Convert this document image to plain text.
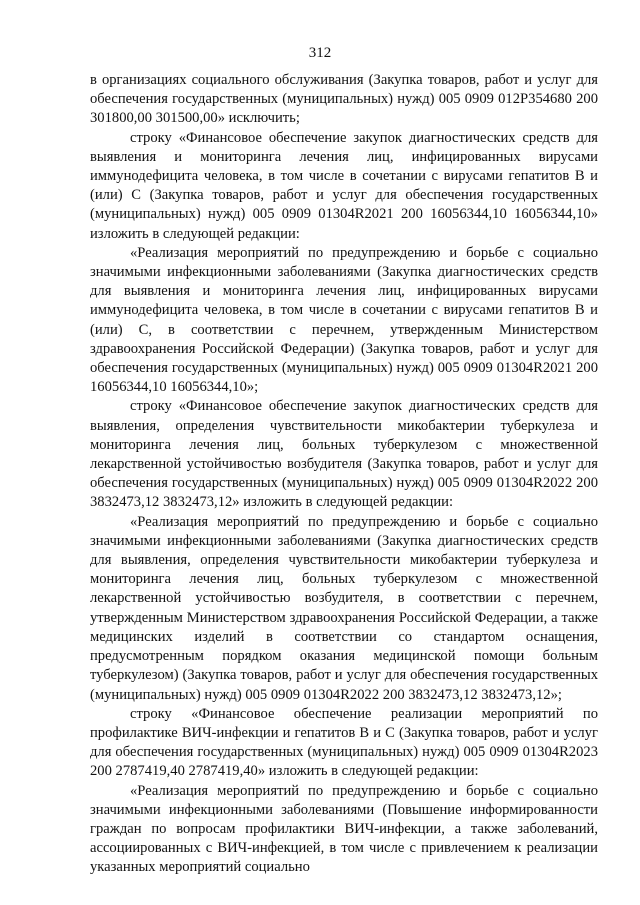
312

в организациях социального обслуживания (Закупка товаров, работ и услуг для обеспечения государственных (муниципальных) нужд) 005 0909 012P354680 200 301800,00 301500,00» исключить;

строку «Финансовое обеспечение закупок диагностических средств для выявления и мониторинга лечения лиц, инфицированных вирусами иммунодефицита человека, в том числе в сочетании с вирусами гепатитов B и (или) C (Закупка товаров, работ и услуг для обеспечения государственных (муниципальных) нужд) 005 0909 01304R2021 200 16056344,10 16056344,10» изложить в следующей редакции:

«Реализация мероприятий по предупреждению и борьбе с социально значимыми инфекционными заболеваниями (Закупка диагностических средств для выявления и мониторинга лечения лиц, инфицированных вирусами иммунодефицита человека, в том числе в сочетании с вирусами гепатитов B и (или) C, в соответствии с перечнем, утвержденным Министерством здравоохранения Российской Федерации) (Закупка товаров, работ и услуг для обеспечения государственных (муниципальных) нужд) 005 0909 01304R2021 200 16056344,10 16056344,10»;

строку «Финансовое обеспечение закупок диагностических средств для выявления, определения чувствительности микобактерии туберкулеза и мониторинга лечения лиц, больных туберкулезом с множественной лекарственной устойчивостью возбудителя (Закупка товаров, работ и услуг для обеспечения государственных (муниципальных) нужд) 005 0909 01304R2022 200 3832473,12 3832473,12» изложить в следующей редакции:

«Реализация мероприятий по предупреждению и борьбе с социально значимыми инфекционными заболеваниями (Закупка диагностических средств для выявления, определения чувствительности микобактерии туберкулеза и мониторинга лечения лиц, больных туберкулезом с множественной лекарственной устойчивостью возбудителя, в соответствии с перечнем, утвержденным Министерством здравоохранения Российской Федерации, а также медицинских изделий в соответствии со стандартом оснащения, предусмотренным порядком оказания медицинской помощи больным туберкулезом) (Закупка товаров, работ и услуг для обеспечения государственных (муниципальных) нужд) 005 0909 01304R2022 200 3832473,12 3832473,12»;

строку «Финансовое обеспечение реализации мероприятий по профилактике ВИЧ-инфекции и гепатитов B и C (Закупка товаров, работ и услуг для обеспечения государственных (муниципальных) нужд) 005 0909 01304R2023 200 2787419,40 2787419,40» изложить в следующей редакции:

«Реализация мероприятий по предупреждению и борьбе с социально значимыми инфекционными заболеваниями (Повышение информированности граждан по вопросам профилактики ВИЧ-инфекции, а также заболеваний, ассоциированных с ВИЧ-инфекцией, в том числе с привлечением к реализации указанных мероприятий социально
